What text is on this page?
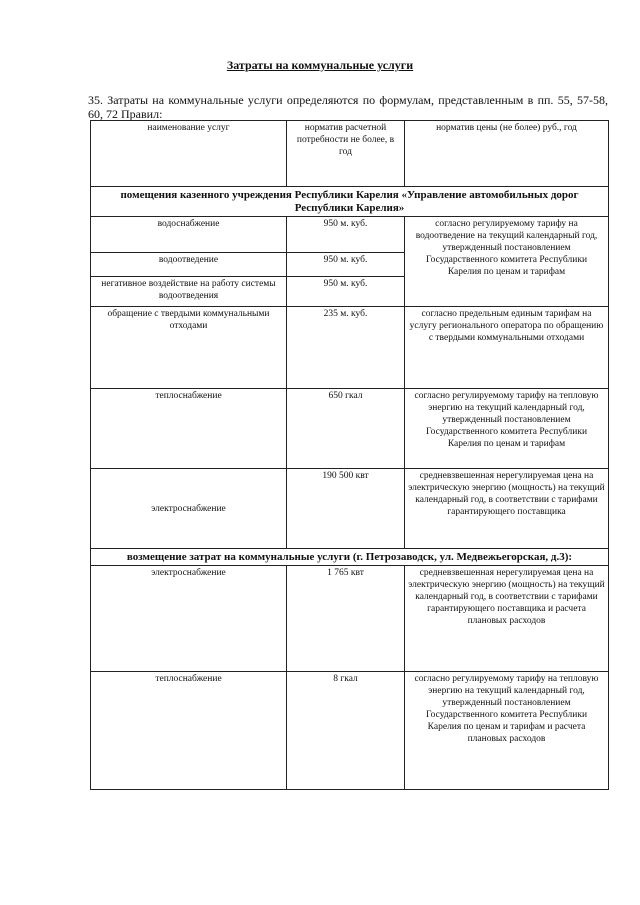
Затраты на коммунальные услуги
35. Затраты на коммунальные услуги определяются по формулам, представленным в пп. 55, 57-58, 60, 72 Правил:
наименование услуг	норматив расчетной потребности не более, в год	норматив цены (не более) руб., год
помещения казенного учреждения Республики Карелия «Управление автомобильных дорог Республики Карелия»		
водоснабжение	950 м. куб.	согласно регулируемому тарифу на водоотведение на текущий календарный год, утвержденный постановлением Государственного комитета Республики Карелия по ценам и тарифам
водоотведение	950 м. куб.	
негативное воздействие на работу системы водоотведения	950 м. куб.	
обращение с твердыми коммунальными отходами	235 м. куб.	согласно предельным единым тарифам на услугу регионального оператора по обращению с твердыми коммунальными отходами
теплоснабжение	650 гкал	согласно регулируемому тарифу на тепловую энергию на текущий календарный год, утвержденный постановлением Государственного комитета Республики Карелия по ценам и тарифам
электроснабжение	190 500 квт	средневзвешенная нерегулируемая цена на электрическую энергию (мощность) на текущий календарный год, в соответствии с тарифами гарантирующего поставщика
возмещение затрат на коммунальные услуги (г. Петрозаводск, ул. Медвежьегорская, д.3):		
электроснабжение	1 765 квт	средневзвешенная нерегулируемая цена на электрическую энергию (мощность) на текущий календарный год, в соответствии с тарифами гарантирующего поставщика и расчета плановых расходов
теплоснабжение	8 гкал	согласно регулируемому тарифу на тепловую энергию на текущий календарный год, утвержденный постановлением Государственного комитета Республики Карелия по ценам и тарифам и расчета плановых расходов
